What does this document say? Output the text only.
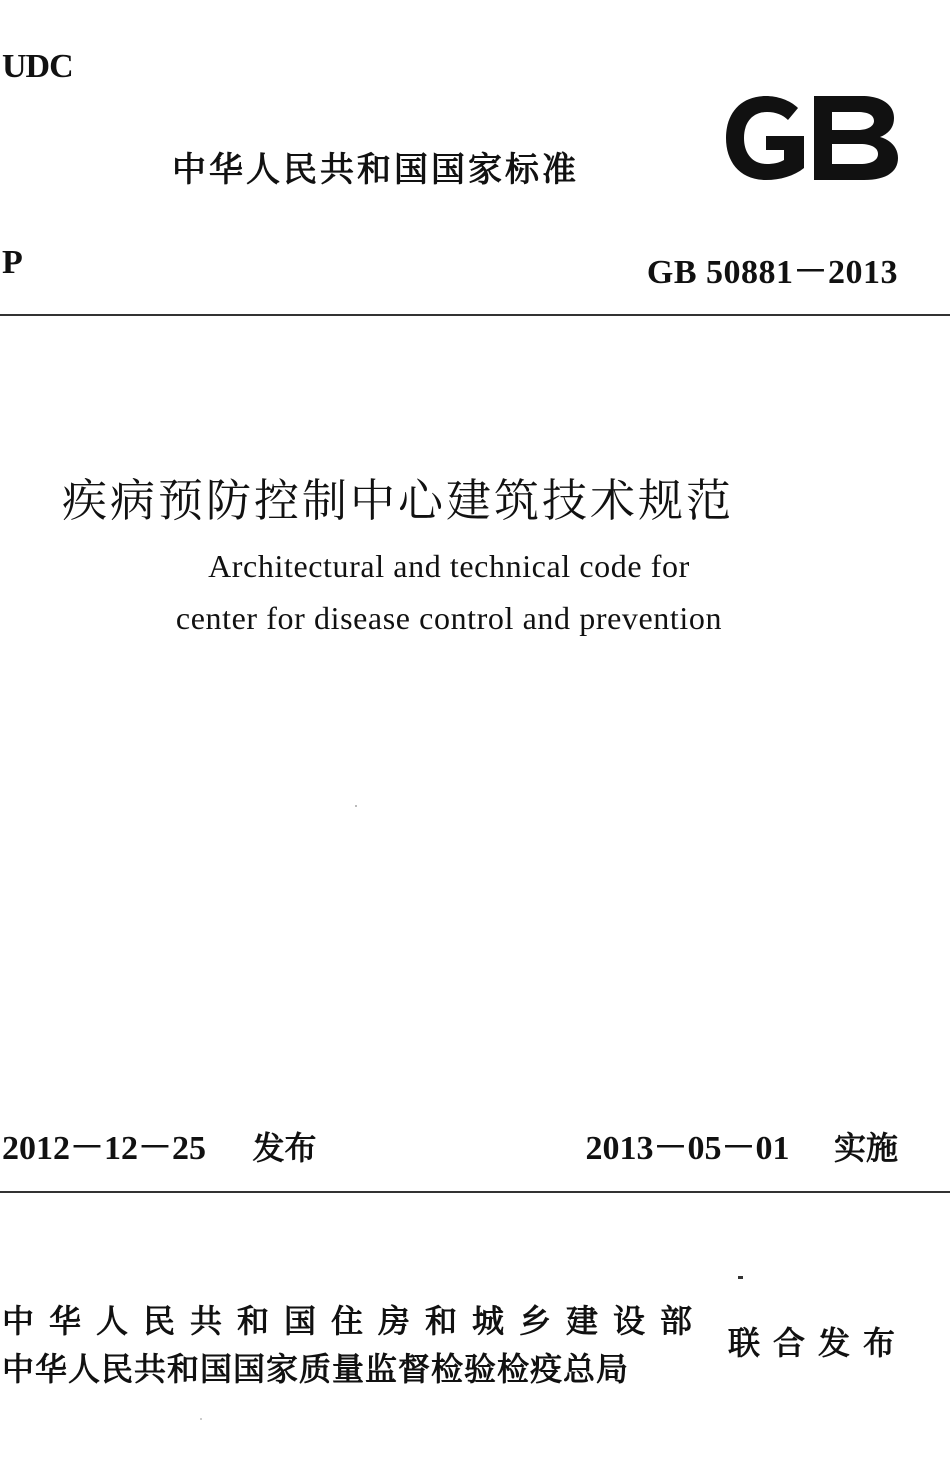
UDC
中华人民共和国国家标准
P	GB 50881－2013
疾病预防控制中心建筑技术规范
Architectural and technical code for
center for disease control and prevention
2012－12－25 发布	2013－05－01 实施
中华人民共和国住房和城乡建设部
中华人民共和国国家质量监督检验检疫总局
联合发布
